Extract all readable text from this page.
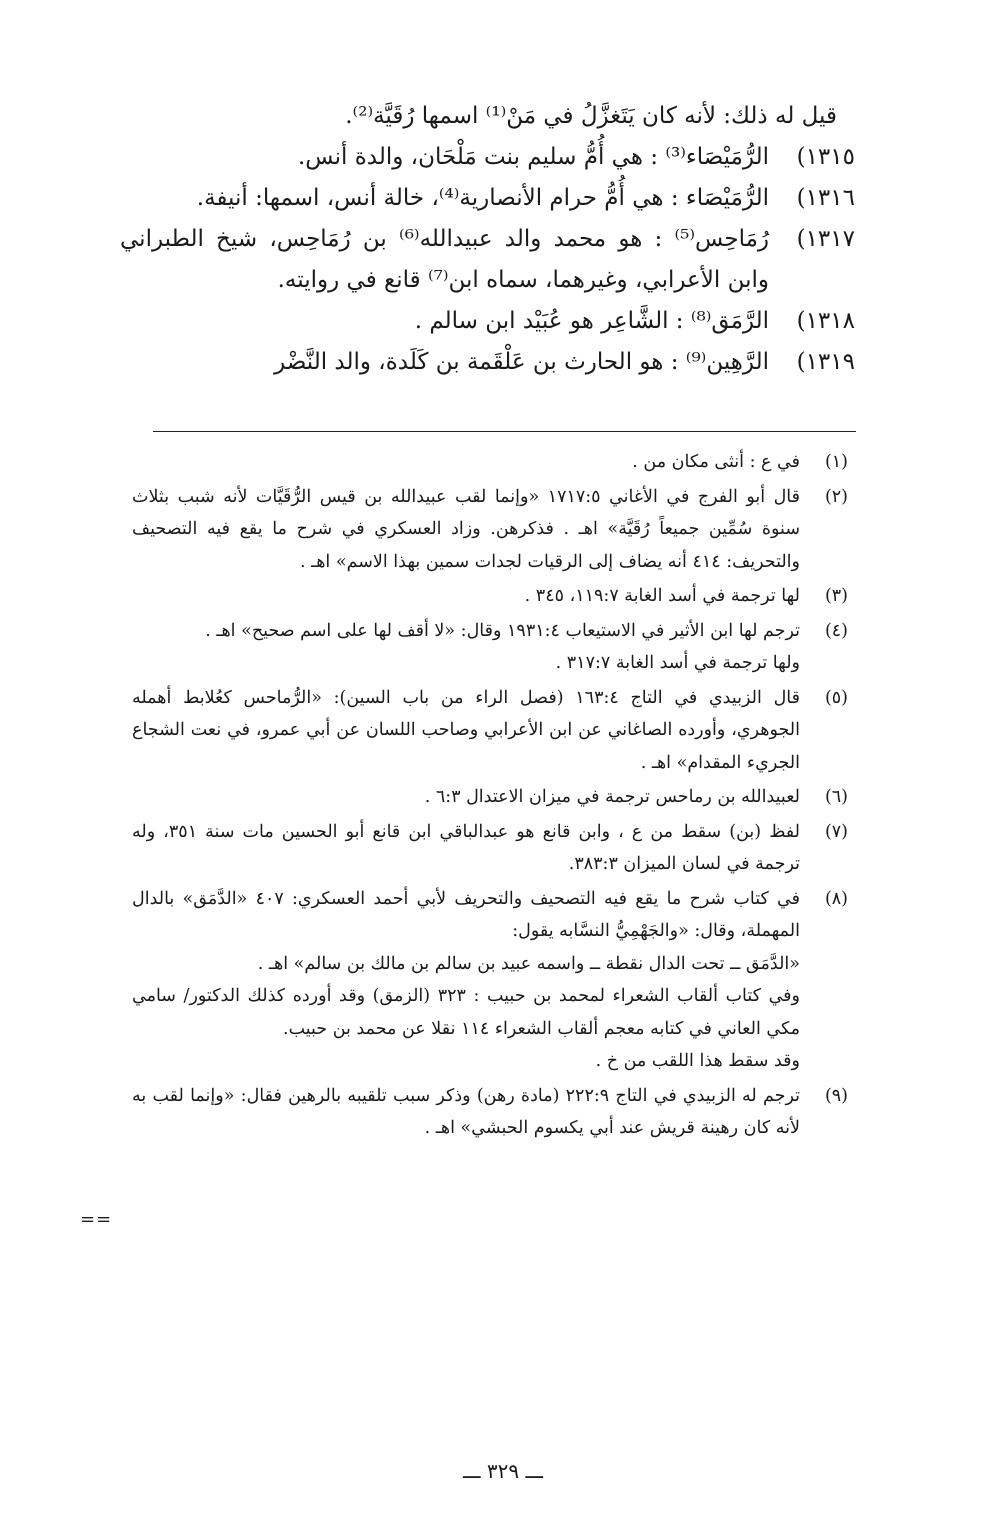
قيل له ذلك: لأنه كان يَتَغزَّلُ في مَنْ⁽¹⁾ اسمها رُقَيَّة⁽²⁾.
١٣١٥)
الرُّمَيْصَاء⁽³⁾ : هي أُمُّ سليم بنت مَلْحَان، والدة أنس.
١٣١٦)
الرُّمَيْصَاء : هي أُمُّ حرام الأنصارية⁽⁴⁾، خالة أنس، اسمها: أنيفة.
١٣١٧)
رُمَاحِس⁽⁵⁾ : هو محمد والد عبيدالله⁽⁶⁾ بن رُمَاحِس، شيخ الطبراني وابن الأعرابي، وغيرهما، سماه ابن⁽⁷⁾ قانع في روايته.
١٣١٨)
الرَّمَق⁽⁸⁾ : الشَّاعِر هو عُبَيْد ابن سالم .
١٣١٩)
الرَّهِين⁽⁹⁾ : هو الحارث بن عَلْقَمة بن كَلَدة، والد النَّضْر
(١)

في ع : أنثى مكان من .

(٢)

قال أبو الفرج في الأغاني ١٧١٧:٥ «وإنما لقب عبيدالله بن قيس الرُّقَيَّات لأنه شبب بثلاث سنوة سُمِّين جميعاً رُقَيَّة» اهـ . فذكرهن. وزاد العسكري في شرح ما يقع فيه التصحيف والتحريف: ٤١٤ أنه يضاف إلى الرقيات لجدات سمين بهذا الاسم» اهـ .

(٣)

لها ترجمة في أسد الغابة ١١٩:٧، ٣٤٥ .

(٤)

ترجم لها ابن الأثير في الاستيعاب ١٩٣١:٤ وقال: «لا أقف لها على اسم صحيح» اهـ .

ولها ترجمة في أسد الغابة ٣١٧:٧ .

(٥)

قال الزبيدي في التاج ١٦٣:٤ (فصل الراء من باب السين): «الرُّماحس كعُلابط أهمله الجوهري، وأورده الصاغاني عن ابن الأعرابي وصاحب اللسان عن أبي عمرو، في نعت الشجاع الجريء المقدام» اهـ .

(٦)

لعبيدالله بن رماحس ترجمة في ميزان الاعتدال ٦:٣ .

(٧)

لفظ (بن) سقط من ع ، وابن قانع هو عبدالباقي ابن قانع أبو الحسين مات سنة ٣٥١، وله ترجمة في لسان الميزان ٣٨٣:٣.

(٨)

في كتاب شرح ما يقع فيه التصحيف والتحريف لأبي أحمد العسكري: ٤٠٧ «الدَّمَق» بالدال المهملة، وقال: «والجَهْمِيُّ النسَّابه يقول:

«الدَّمَق ــ تحت الدال نقطة ــ واسمه عبيد بن سالم بن مالك بن سالم» اهـ .

وفي كتاب ألقاب الشعراء لمحمد بن حبيب : ٣٢٣ (الزمق) وقد أورده كذلك الدكتور/ سامي مكي العاني في كتابه معجم ألقاب الشعراء ١١٤ نقلا عن محمد بن حبيب.

وقد سقط هذا اللقب من خ .

(٩)

ترجم له الزبيدي في التاج ٢٢٢:٩ (مادة رهن) وذكر سبب تلقيبه بالرهين فقال: «وإنما لقب به لأنه كان رهينة قريش عند أبي يكسوم الحبشي» اهـ .

==
ـــ ٣٢٩ ـــ
